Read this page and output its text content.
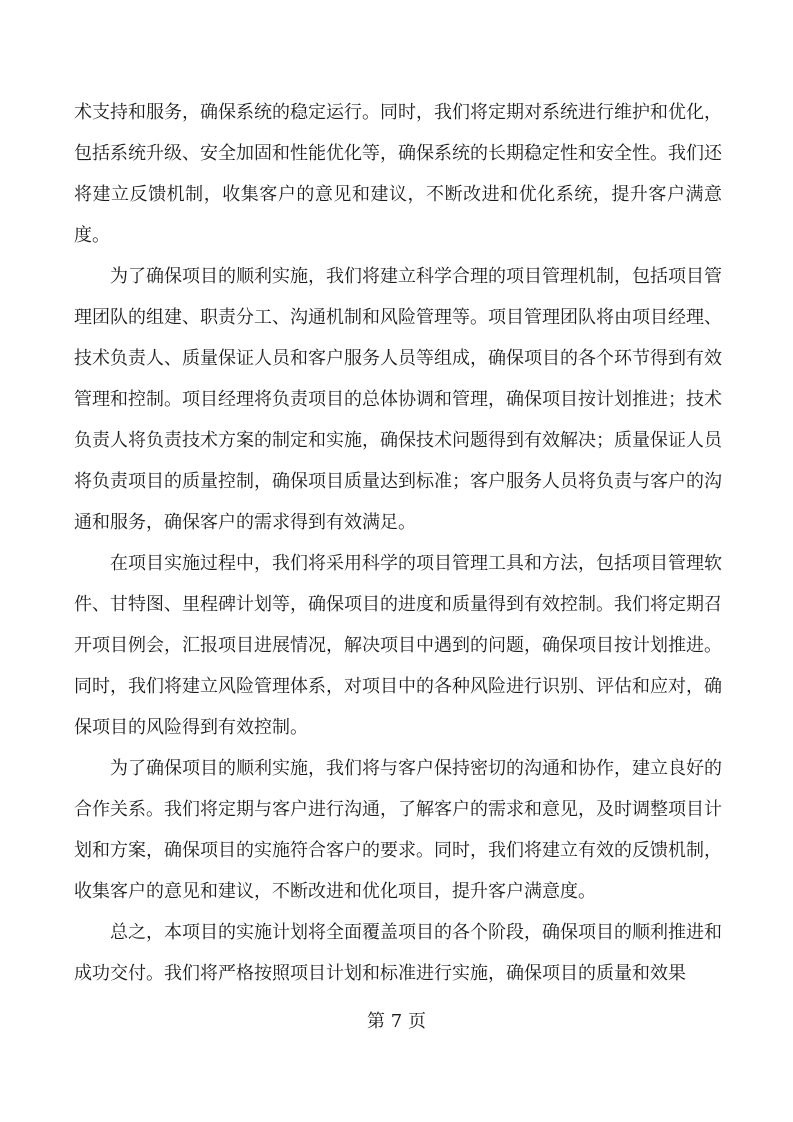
术支持和服务，确保系统的稳定运行。同时，我们将定期对系统进行维护和优化，包括系统升级、安全加固和性能优化等，确保系统的长期稳定性和安全性。我们还将建立反馈机制，收集客户的意见和建议，不断改进和优化系统，提升客户满意度。

为了确保项目的顺利实施，我们将建立科学合理的项目管理机制，包括项目管理团队的组建、职责分工、沟通机制和风险管理等。项目管理团队将由项目经理、技术负责人、质量保证人员和客户服务人员等组成，确保项目的各个环节得到有效管理和控制。项目经理将负责项目的总体协调和管理，确保项目按计划推进；技术负责人将负责技术方案的制定和实施，确保技术问题得到有效解决；质量保证人员将负责项目的质量控制，确保项目质量达到标准；客户服务人员将负责与客户的沟通和服务，确保客户的需求得到有效满足。

在项目实施过程中，我们将采用科学的项目管理工具和方法，包括项目管理软件、甘特图、里程碑计划等，确保项目的进度和质量得到有效控制。我们将定期召开项目例会，汇报项目进展情况，解决项目中遇到的问题，确保项目按计划推进。同时，我们将建立风险管理体系，对项目中的各种风险进行识别、评估和应对，确保项目的风险得到有效控制。

为了确保项目的顺利实施，我们将与客户保持密切的沟通和协作，建立良好的合作关系。我们将定期与客户进行沟通，了解客户的需求和意见，及时调整项目计划和方案，确保项目的实施符合客户的要求。同时，我们将建立有效的反馈机制，收集客户的意见和建议，不断改进和优化项目，提升客户满意度。

总之，本项目的实施计划将全面覆盖项目的各个阶段，确保项目的顺利推进和成功交付。我们将严格按照项目计划和标准进行实施，确保项目的质量和效果

第 7 页
